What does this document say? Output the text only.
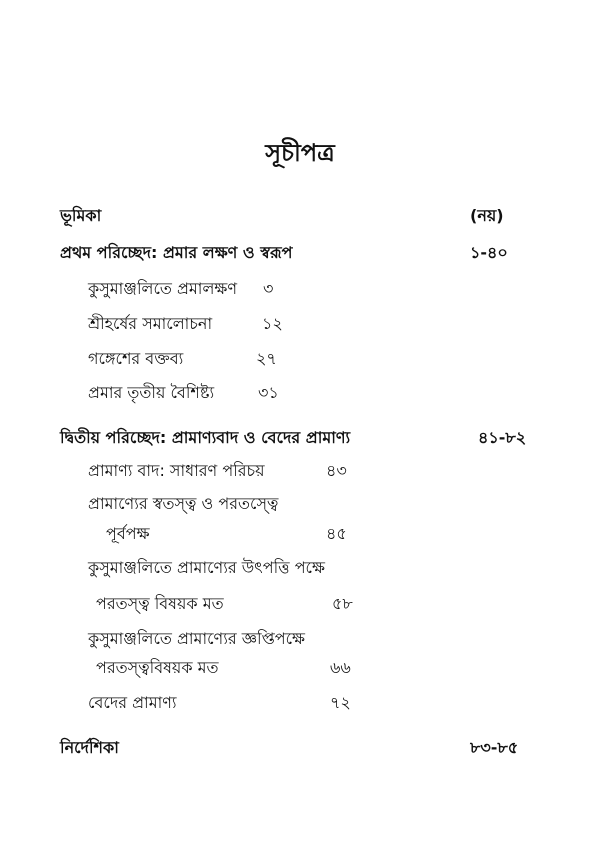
সূচীপত্র
ভূমিকা	(নয়)
প্রথম পরিচ্ছেদ: প্রমার লক্ষণ ও স্বরূপ	১-৪০
কুসুমাঞ্জলিতে প্রমালক্ষণ ৩
শ্রীহর্ষের সমালোচনা	১২
গঙ্গেশের বক্তব্য	২৭
প্রমার তৃতীয় বৈশিষ্ট্য	৩১
দ্বিতীয় পরিচ্ছেদ: প্রামাণ্যবাদ ও বেদের প্রামাণ্য	৪১-৮২
প্রামাণ্য বাদ: সাধারণ পরিচয়	৪৩
প্রামাণ্যের স্বতস্ত্ব ও পরতস্ত্বে
পূর্বপক্ষ	৪৫
কুসুমাঞ্জলিতে প্রামাণ্যের উৎপত্তি পক্ষে
পরতস্ত্ব বিষয়ক মত	৫৮
কুসুমাঞ্জলিতে প্রামাণ্যের জ্ঞপ্তিপক্ষে
পরতস্ত্ববিষয়ক মত	৬৬
বেদের প্রামাণ্য	৭২
নির্দেশিকা	৮৩-৮৫
